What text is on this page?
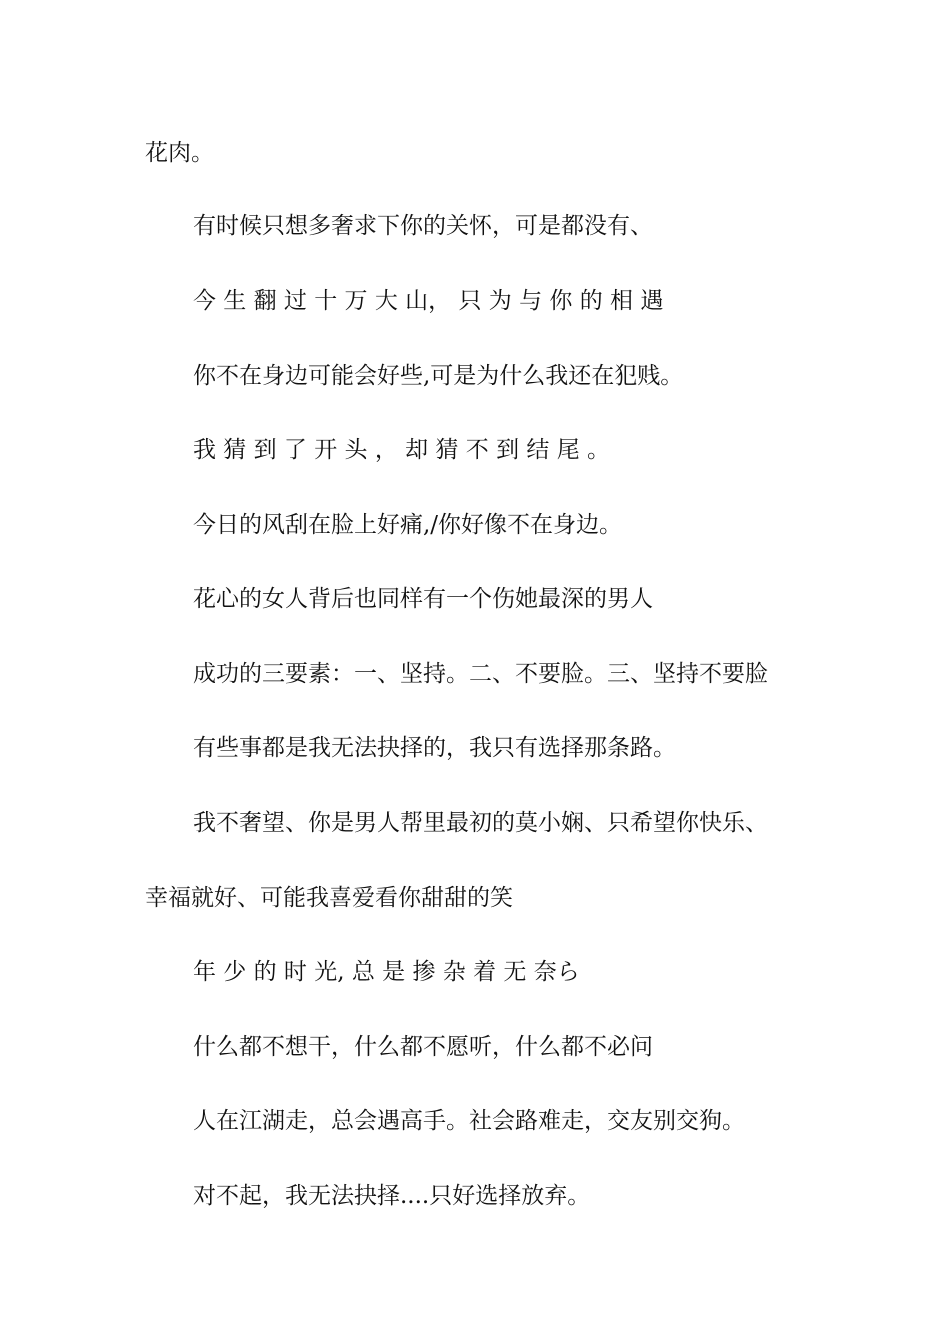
花肉。
有时候只想多奢求下你的关怀，可是都没有、
今 生 翻 过 十 万 大 山， 只 为 与 你 的 相 遇
你不在身边可能会好些,可是为什么我还在犯贱。
我 猜 到 了 开 头 ， 却 猜 不 到 结 尾 。
今日的风刮在脸上好痛,/你好像不在身边。
花心的女人背后也同样有一个伤她最深的男人
成功的三要素：一、坚持。二、不要脸。三、坚持不要脸
有些事都是我无法抉择的，我只有选择那条路。
我不奢望、你是男人帮里最初的莫小娴、只希望你快乐、
幸福就好、可能我喜爱看你甜甜的笑
年 少 的 时 光, 总 是 掺 杂 着 无 奈ら
什么都不想干，什么都不愿听，什么都不必问
人在江湖走，总会遇高手。社会路难走，交友别交狗。
对不起，我无法抉择....只好选择放弃。
